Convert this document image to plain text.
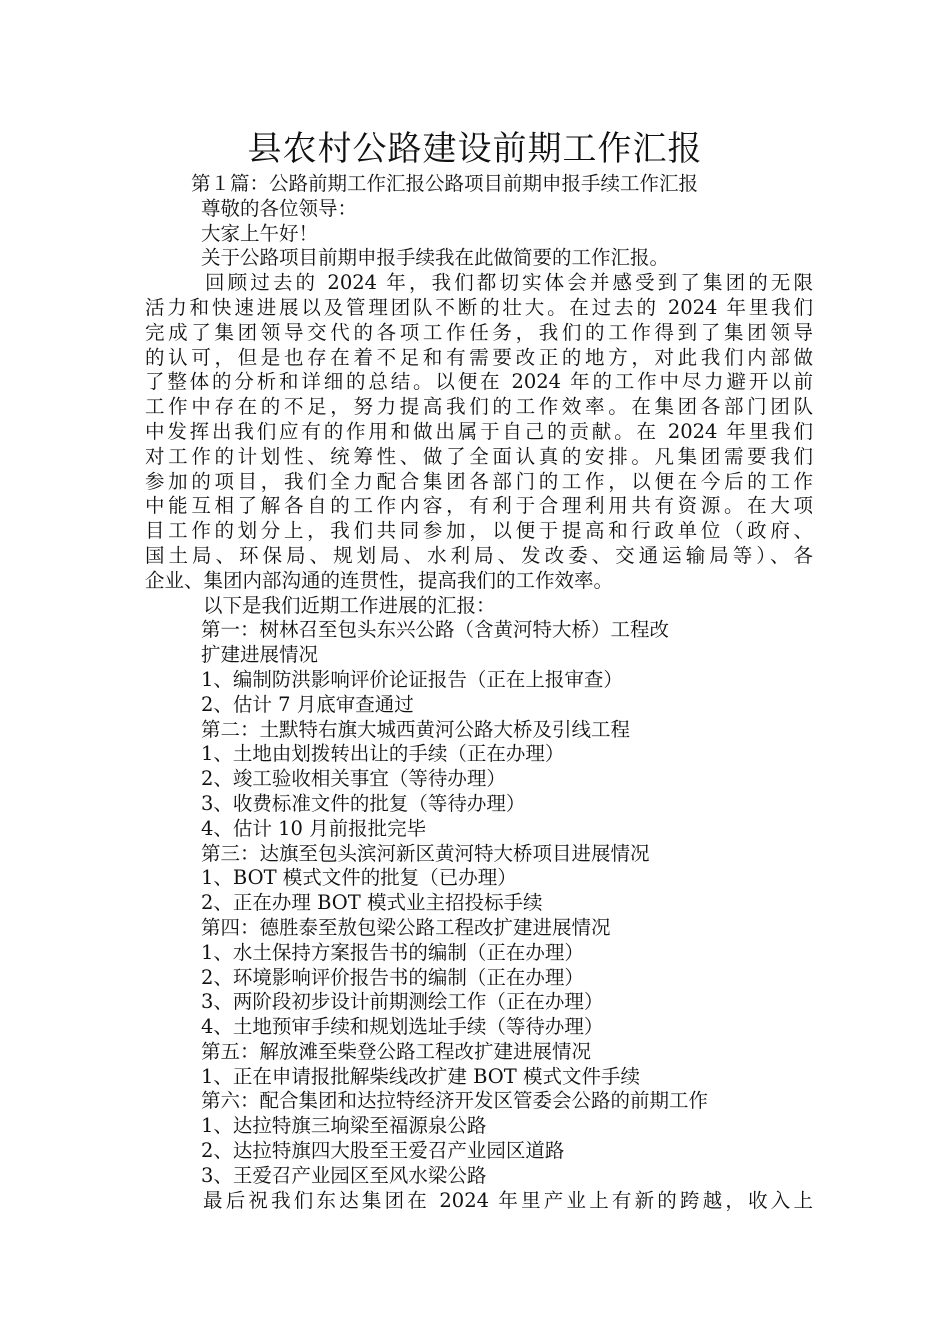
县农村公路建设前期工作汇报
第１篇：公路前期工作汇报公路项目前期申报手续工作汇报
尊敬的各位领导：
大家上午好！
关于公路项目前期申报手续我在此做简要的工作汇报。
回顾过去的 2024 年，我们都切实体会并感受到了集团的无限
活力和快速进展以及管理团队不断的壮大。在过去的 2024 年里我们
完成了集团领导交代的各项工作任务，我们的工作得到了集团领导
的认可，但是也存在着不足和有需要改正的地方，对此我们内部做
了整体的分析和详细的总结。以便在 2024 年的工作中尽力避开以前
工作中存在的不足，努力提高我们的工作效率。在集团各部门团队
中发挥出我们应有的作用和做出属于自己的贡献。在 2024 年里我们
对工作的计划性、统筹性、做了全面认真的安排。凡集团需要我们
参加的项目，我们全力配合集团各部门的工作，以便在今后的工作
中能互相了解各自的工作内容，有利于合理利用共有资源。在大项
目工作的划分上，我们共同参加，以便于提高和行政单位（政府、
国土局、环保局、规划局、水利局、发改委、交通运输局等）、各
企业、集团内部沟通的连贯性，提高我们的工作效率。
以下是我们近期工作进展的汇报：
第一：树林召至包头东兴公路（含黄河特大桥）工程改
扩建进展情况
1、编制防洪影响评价论证报告（正在上报审查）
2、估计 7 月底审查通过
第二：土默特右旗大城西黄河公路大桥及引线工程
1、土地由划拨转出让的手续（正在办理）
2、竣工验收相关事宜（等待办理）
3、收费标准文件的批复（等待办理）
4、估计 10 月前报批完毕
第三：达旗至包头滨河新区黄河特大桥项目进展情况
1、BOT 模式文件的批复（已办理）
2、正在办理 BOT 模式业主招投标手续
第四：德胜泰至敖包梁公路工程改扩建进展情况
1、水土保持方案报告书的编制（正在办理）
2、环境影响评价报告书的编制（正在办理）
3、两阶段初步设计前期测绘工作（正在办理）
4、土地预审手续和规划选址手续（等待办理）
第五：解放滩至柴登公路工程改扩建进展情况
1、正在申请报批解柴线改扩建 BOT 模式文件手续
第六：配合集团和达拉特经济开发区管委会公路的前期工作
1、达拉特旗三垧梁至福源泉公路
2、达拉特旗四大股至王爱召产业园区道路
3、王爱召产业园区至风水梁公路
最后祝我们东达集团在 2024 年里产业上有新的跨越，收入上
